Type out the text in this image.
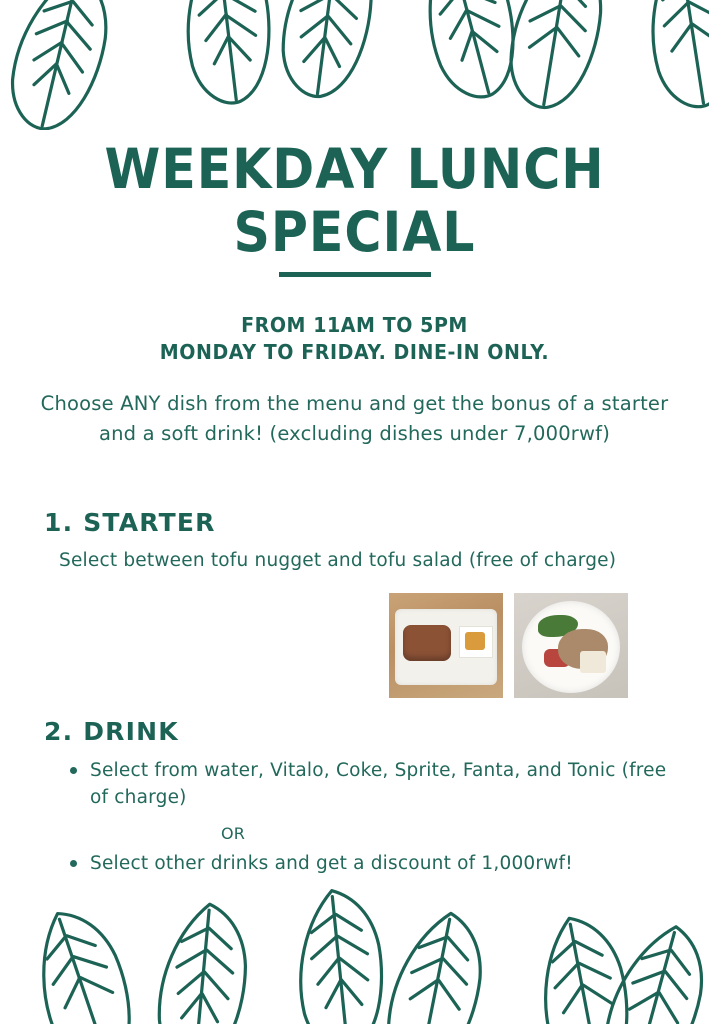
WEEKDAY LUNCH
SPECIAL
FROM 11AM TO 5PM
MONDAY TO FRIDAY. DINE-IN ONLY.
Choose ANY dish from the menu and get the bonus of a starter and a soft drink! (excluding dishes under 7,000rwf)
1. STARTER
Select between tofu nugget and tofu salad (free of charge)
2. DRINK
Select from water, Vitalo, Coke, Sprite, Fanta, and Tonic (free of charge)
OR
Select other drinks and get a discount of 1,000rwf!
